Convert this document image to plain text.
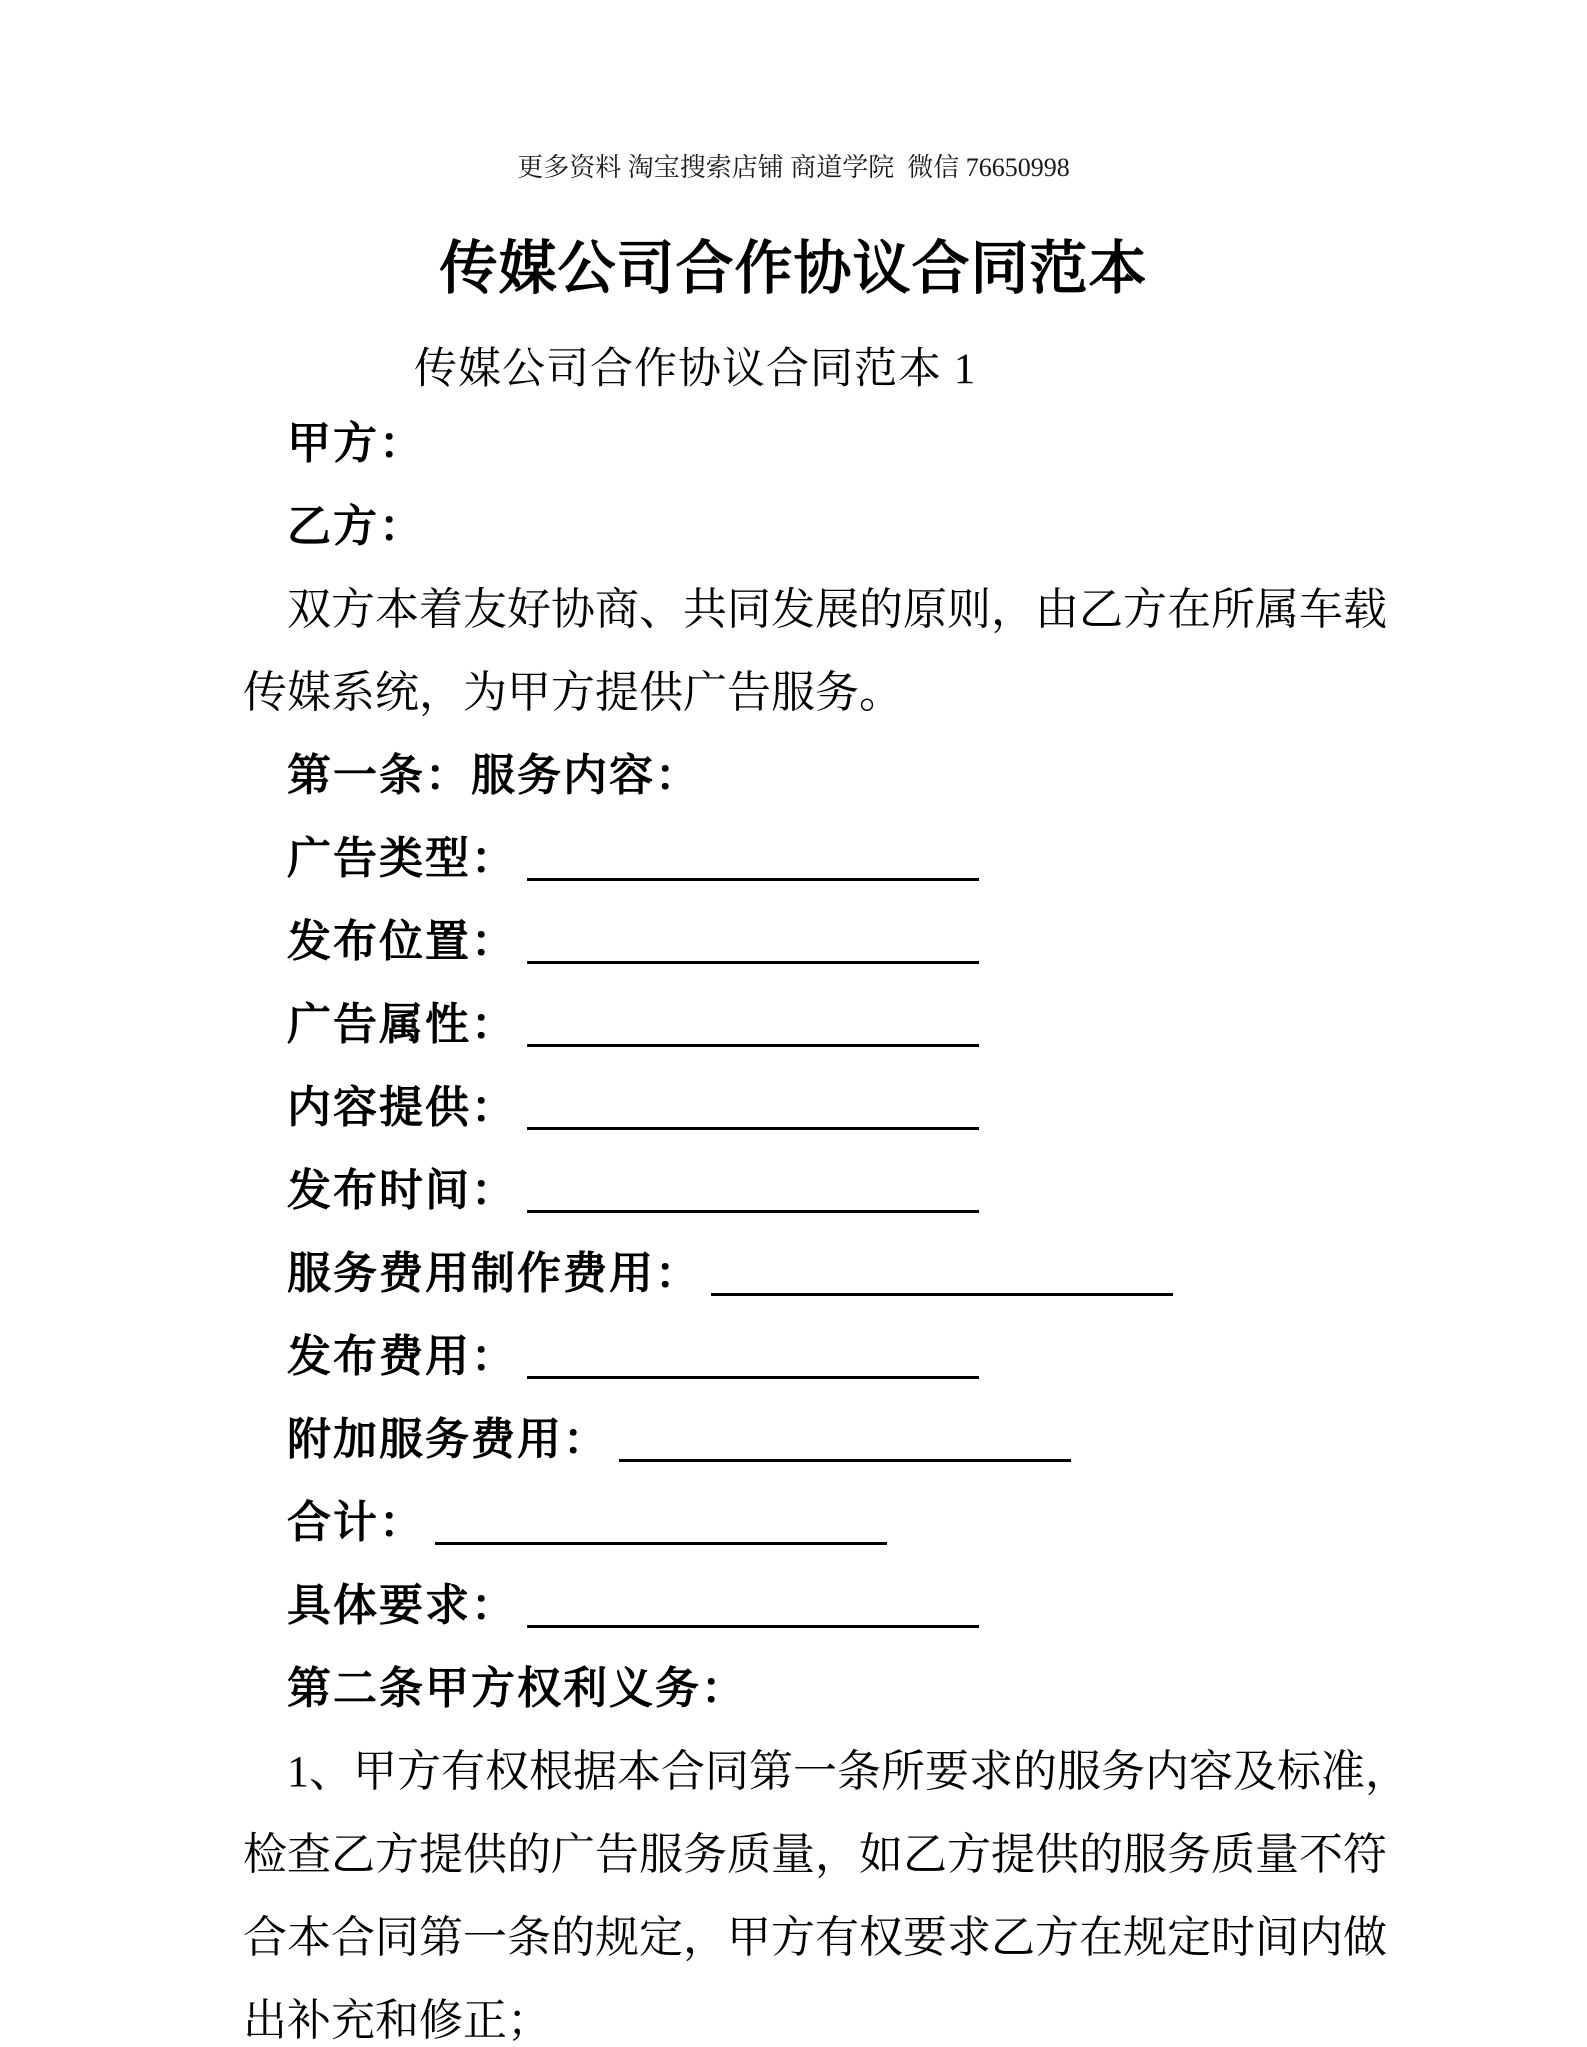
更多资料 淘宝搜索店铺 商道学院  微信 76650998
传媒公司合作协议合同范本
传媒公司合作协议合同范本 1
甲方：
乙方：
双方本着友好协商、共同发展的原则，由乙方在所属车载
传媒系统，为甲方提供广告服务。
第一条：服务内容：
广告类型：
发布位置：
广告属性：
内容提供：
发布时间：
服务费用制作费用：
发布费用：
附加服务费用：
合计：
具体要求：
第二条甲方权利义务：
1、甲方有权根据本合同第一条所要求的服务内容及标准，
检查乙方提供的广告服务质量，如乙方提供的服务质量不符
合本合同第一条的规定，甲方有权要求乙方在规定时间内做
出补充和修正；
